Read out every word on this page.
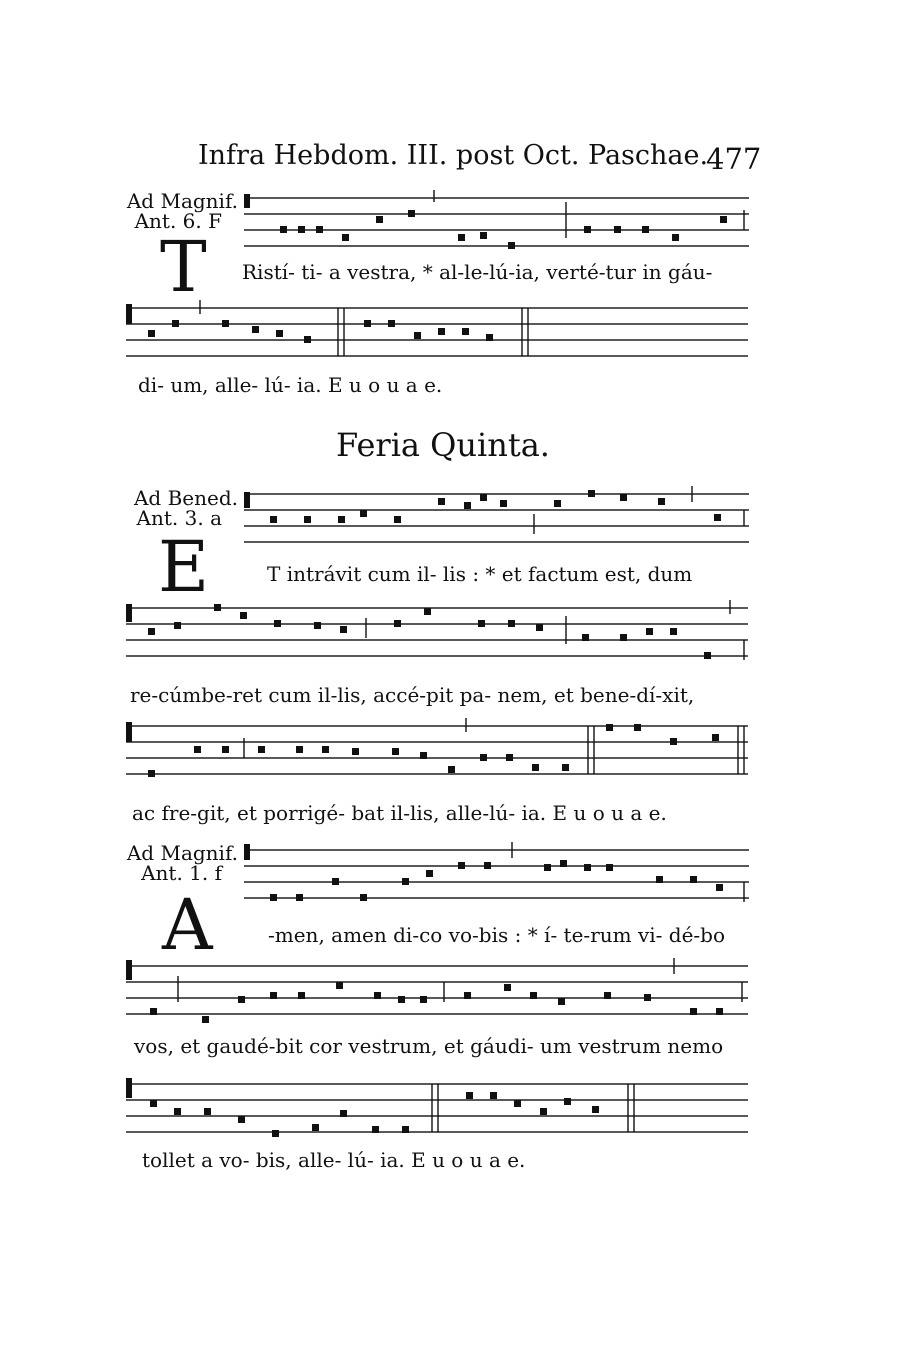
Infra Hebdom. III. post Oct. Paschae.
477
Ad Magnif.
Ant. 6. F
T Ristí- ti- a vestra, * al-le-lú-ia, verté-tur in gáu-
di- um, alle- lú- ia. E u o u a e.
Feria Quinta.
Ad Bened.
Ant. 3. a
E	T intrávit cum il- lis : * et factum est, dum
re-cúmbe-ret cum il-lis, accé-pit pa- nem, et bene-dí-xit,
ac fre-git, et porrigé- bat il-lis, alle-lú- ia. E u o u a e.
Ad Magnif.
Ant. 1. f
A	-men, amen di-co vo-bis : * í- te-rum vi- dé-bo
vos, et gaudé-bit cor vestrum, et gáudi- um vestrum nemo
tollet a vo- bis, alle- lú- ia. E u o u a e.
